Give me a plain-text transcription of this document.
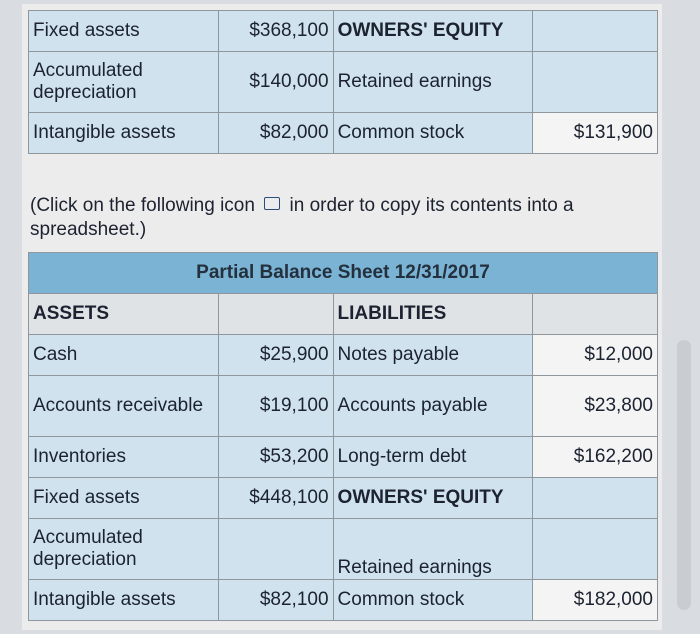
Fixed assets	$368,100	OWNERS' EQUITY	
Accumulated depreciation	$140,000	Retained earnings	
Intangible assets	$82,000	Common stock	$131,900
(Click on the following icon in order to copy its contents into a spreadsheet.)
Partial Balance Sheet 12/31/2017			
ASSETS		LIABILITIES	
Cash	$25,900	Notes payable	$12,000
Accounts receivable	$19,100	Accounts payable	$23,800
Inventories	$53,200	Long-term debt	$162,200
Fixed assets	$448,100	OWNERS' EQUITY	
Accumulated depreciation		Retained earnings	
Intangible assets	$82,100	Common stock	$182,000
